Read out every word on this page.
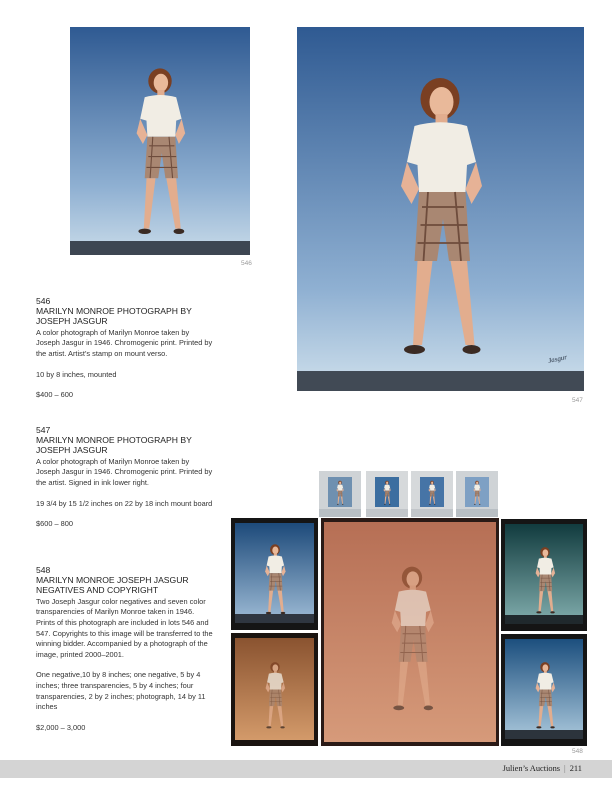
546
Jasgur
547
548
546
MARILYN MONROE PHOTOGRAPH BY JOSEPH JASGUR
A color photograph of Marilyn Monroe taken by Joseph Jasgur in 1946. Chromogenic print. Printed by the artist. Artist’s stamp on mount verso.
10 by 8 inches, mounted
$400 – 600
547
MARILYN MONROE PHOTOGRAPH BY JOSEPH JASGUR
A color photograph of Marilyn Monroe taken by Joseph Jasgur in 1946. Chromogenic print. Printed by the artist. Signed in ink lower right.
19 3/4 by 15 1/2 inches on 22 by 18 inch mount board
$600 – 800
548
MARILYN MONROE JOSEPH JASGUR NEGATIVES AND COPYRIGHT
Two Joseph Jasgur color negatives and seven color transparencies of Marilyn Monroe taken in 1946. Prints of this photograph are included in lots 546 and 547. Copyrights to this image will be transferred to the winning bidder. Accompanied by a photograph of the image, printed 2000–2001.
One negative,10 by 8 inches; one negative, 5 by 4 inches; three transparencies, 5 by 4 inches; four transparencies, 2 by 2 inches; photograph, 14 by 11 inches
$2,000 – 3,000
Julien’s Auctions | 211
